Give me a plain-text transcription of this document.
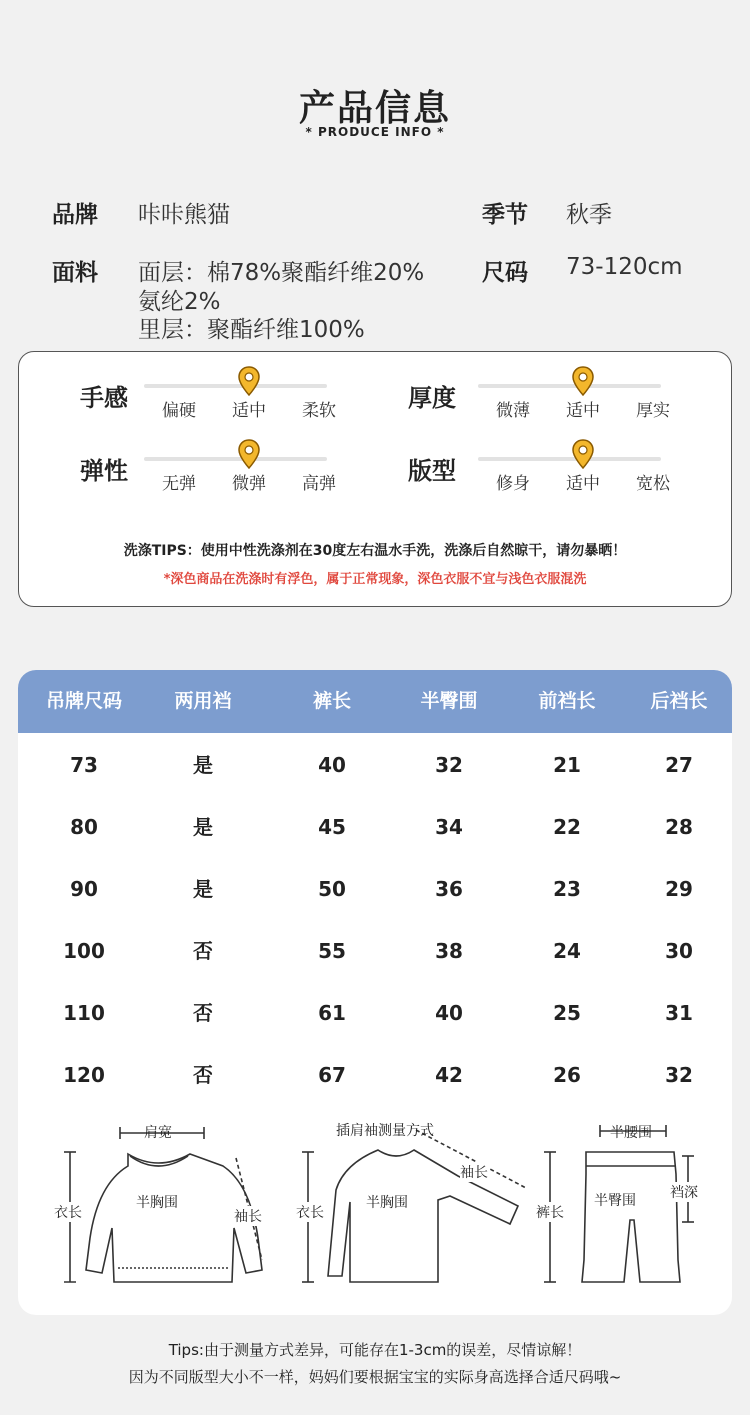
产品信息
* PRODUCE INFO *
品牌 咔咔熊猫	季节 秋季
面料 面层：棉78%聚酯纤维20%
氨纶2%
里层：聚酯纤维100%
尺码 73-120cm
手感	偏硬	适中	柔软	厚度	微薄	适中	厚实
弹性	无弹	微弹	高弹	版型	修身	适中	宽松
洗涤TIPS：使用中性洗涤剂在30度左右温水手洗，洗涤后自然晾干，请勿暴晒！
*深色商品在洗涤时有浮色，属于正常现象，深色衣服不宜与浅色衣服混洗
吊牌尺码	两用裆	裤长	半臀围	前裆长	后裆长
73	是	40	32	21	27
80	是	45	34	22	28
90	是	50	36	23	29
100	否	55	38	24	30
110	否	61	40	25	31
120	否	67	42	26	32
肩宽
衣长
半胸围
袖长
插肩袖测量方式
衣长
半胸围
袖长
半腰围
裤长
半臀围 裆深
Tips:由于测量方式差异，可能存在1-3cm的误差，尽情谅解！
因为不同版型大小不一样，妈妈们要根据宝宝的实际身高选择合适尺码哦~
